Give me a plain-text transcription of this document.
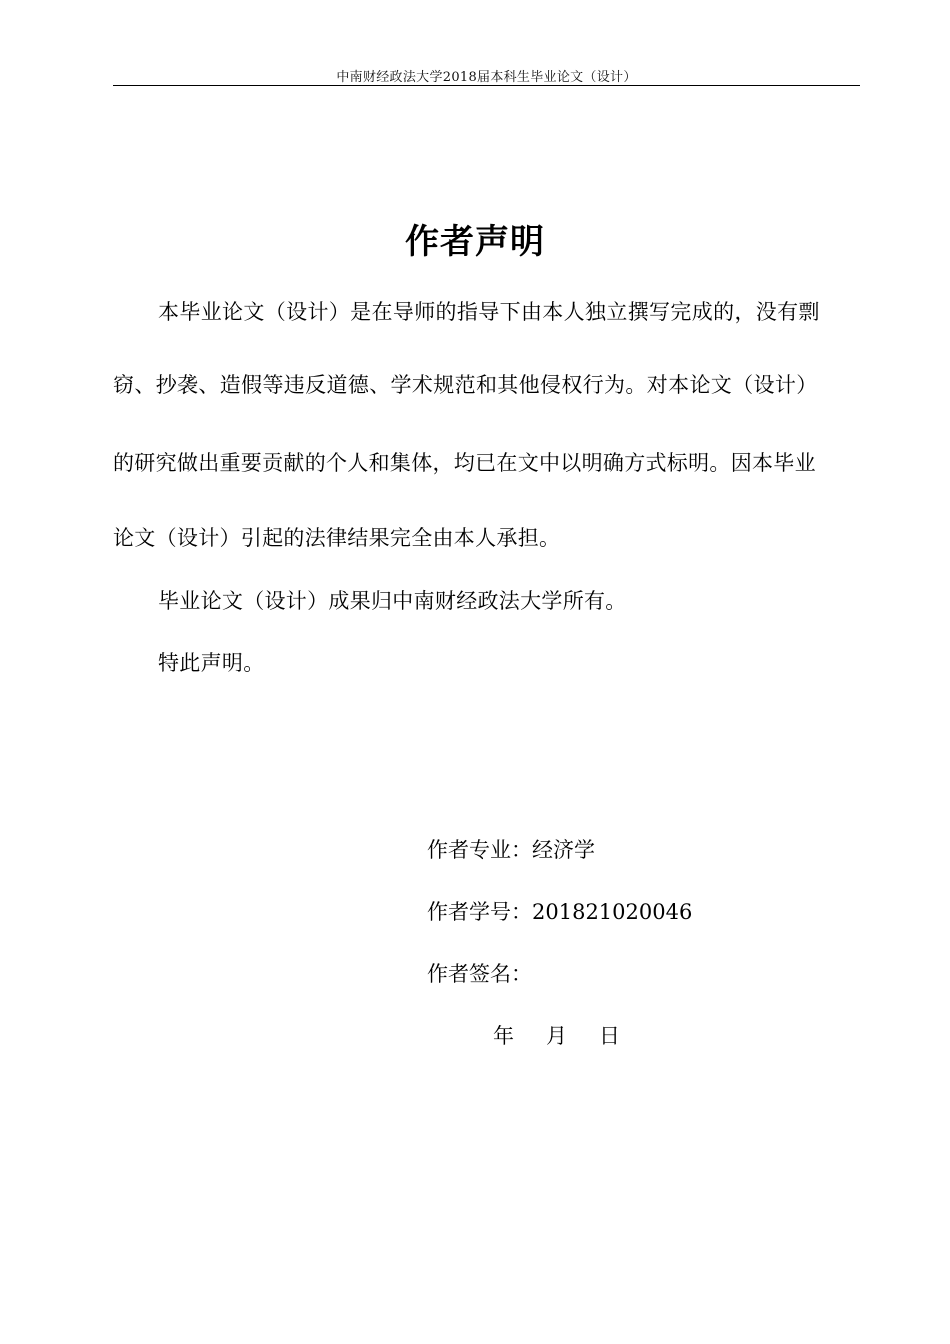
中南财经政法大学2018届本科生毕业论文（设计）
作者声明
本毕业论文（设计）是在导师的指导下由本人独立撰写完成的，没有剽
窃、抄袭、造假等违反道德、学术规范和其他侵权行为。对本论文（设计）
的研究做出重要贡献的个人和集体，均已在文中以明确方式标明。因本毕业
论文（设计）引起的法律结果完全由本人承担。
毕业论文（设计）成果归中南财经政法大学所有。
特此声明。
作者专业：经济学
作者学号：201821020046
作者签名：
年 月 日
